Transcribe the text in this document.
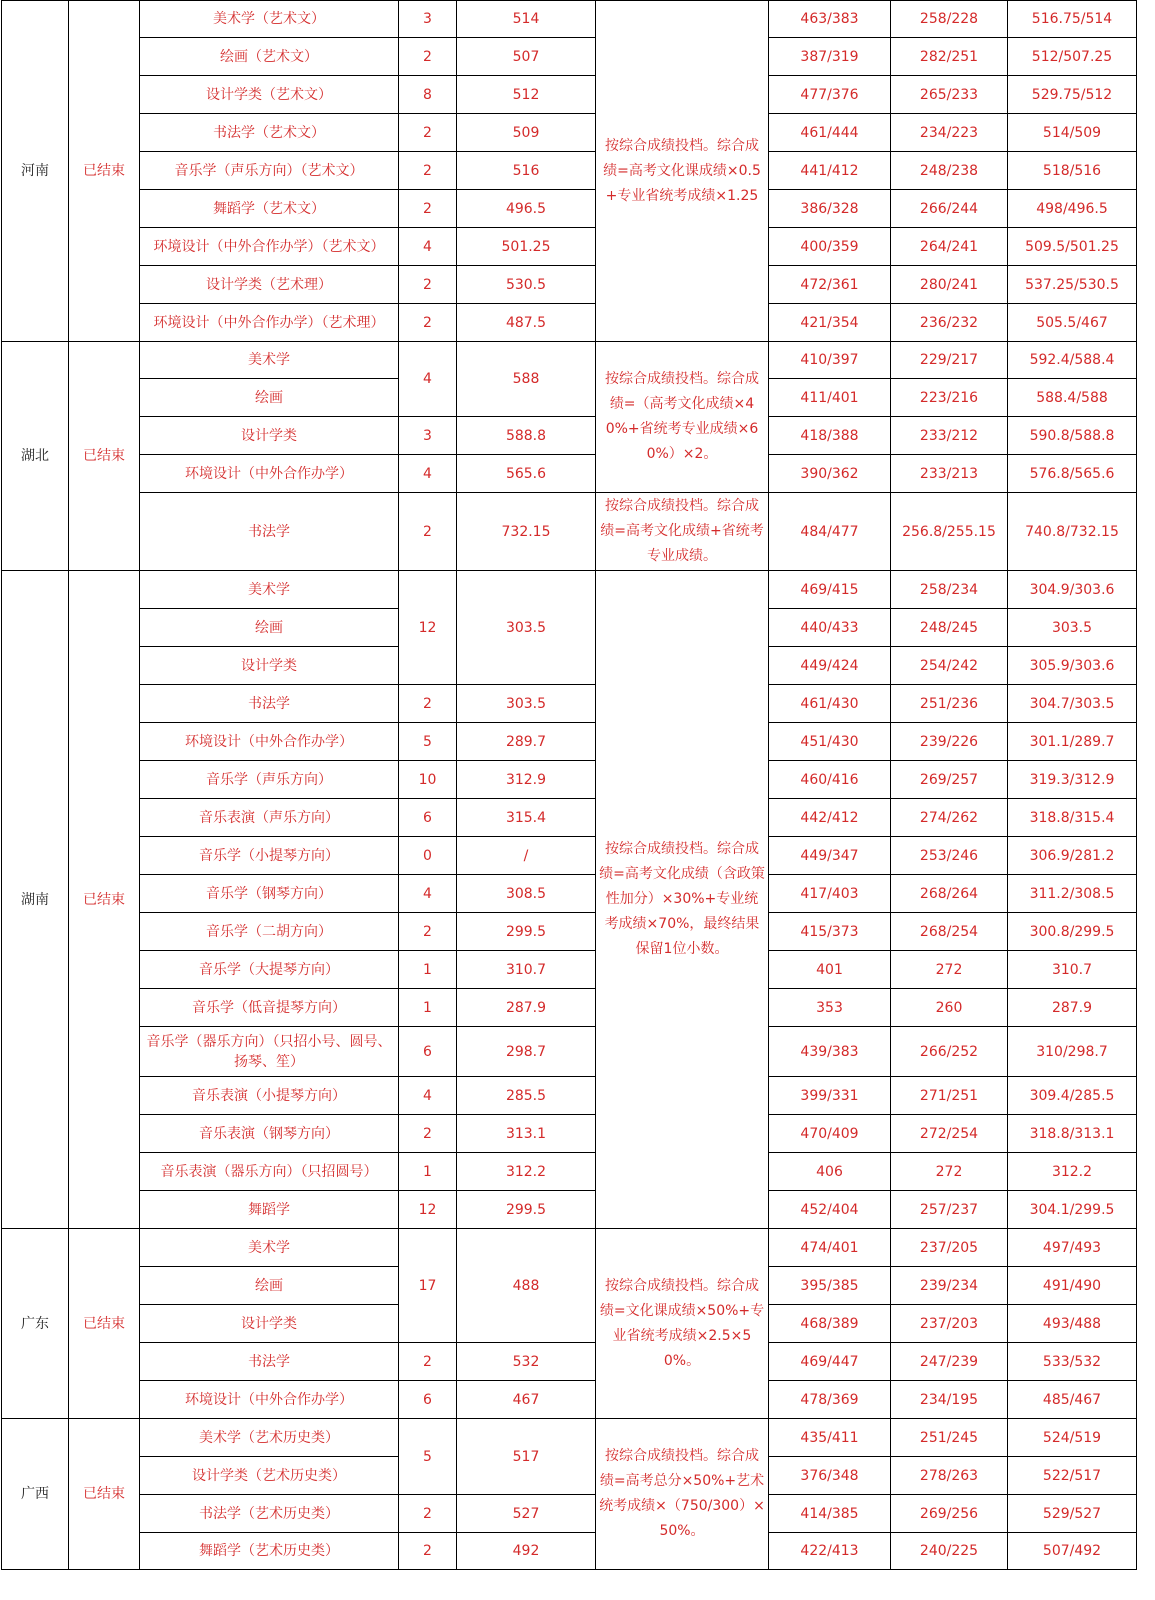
河南	已结束	美术学（艺术文）	3	514	按综合成绩投档。综合成绩=高考文化课成绩×0.5+专业省统考成绩×1.25	463/383	258/228	516.75/514
		绘画（艺术文）	2	507		387/319	282/251	512/507.25
		设计学类（艺术文）	8	512		477/376	265/233	529.75/512
		书法学（艺术文）	2	509		461/444	234/223	514/509
		音乐学（声乐方向）（艺术文）	2	516		441/412	248/238	518/516
		舞蹈学（艺术文）	2	496.5		386/328	266/244	498/496.5
		环境设计（中外合作办学）（艺术文）	4	501.25		400/359	264/241	509.5/501.25
		设计学类（艺术理）	2	530.5		472/361	280/241	537.25/530.5
		环境设计（中外合作办学）（艺术理）	2	487.5		421/354	236/232	505.5/467
湖北	已结束	美术学	4	588	按综合成绩投档。综合成绩=（高考文化成绩×40%+省统考专业成绩×60%）×2。	410/397	229/217	592.4/588.4
		绘画				411/401	223/216	588.4/588
		设计学类	3	588.8		418/388	233/212	590.8/588.8
		环境设计（中外合作办学）	4	565.6		390/362	233/213	576.8/565.6
		书法学	2	732.15	按综合成绩投档。综合成绩=高考文化成绩+省统考专业成绩。	484/477	256.8/255.15	740.8/732.15
湖南	已结束	美术学	12	303.5	按综合成绩投档。综合成绩=高考文化成绩（含政策性加分）×30%+专业统考成绩×70%，最终结果保留1位小数。	469/415	258/234	304.9/303.6
		绘画				440/433	248/245	303.5
		设计学类				449/424	254/242	305.9/303.6
		书法学	2	303.5		461/430	251/236	304.7/303.5
		环境设计（中外合作办学）	5	289.7		451/430	239/226	301.1/289.7
		音乐学（声乐方向）	10	312.9		460/416	269/257	319.3/312.9
		音乐表演（声乐方向）	6	315.4		442/412	274/262	318.8/315.4
		音乐学（小提琴方向）	0	/		449/347	253/246	306.9/281.2
		音乐学（钢琴方向）	4	308.5		417/403	268/264	311.2/308.5
		音乐学（二胡方向）	2	299.5		415/373	268/254	300.8/299.5
		音乐学（大提琴方向）	1	310.7		401	272	310.7
		音乐学（低音提琴方向）	1	287.9		353	260	287.9
		音乐学（器乐方向）（只招小号、圆号、扬琴、笙）	6	298.7		439/383	266/252	310/298.7
		音乐表演（小提琴方向）	4	285.5		399/331	271/251	309.4/285.5
		音乐表演（钢琴方向）	2	313.1		470/409	272/254	318.8/313.1
		音乐表演（器乐方向）（只招圆号）	1	312.2		406	272	312.2
		舞蹈学	12	299.5		452/404	257/237	304.1/299.5
广东	已结束	美术学	17	488	按综合成绩投档。综合成绩=文化课成绩×50%+专业省统考成绩×2.5×50%。	474/401	237/205	497/493
		绘画				395/385	239/234	491/490
		设计学类				468/389	237/203	493/488
		书法学	2	532		469/447	247/239	533/532
		环境设计（中外合作办学）	6	467		478/369	234/195	485/467
广西	已结束	美术学（艺术历史类）	5	517	按综合成绩投档。综合成绩=高考总分×50%+艺术统考成绩×（750/300）×50%。	435/411	251/245	524/519
		设计学类（艺术历史类）				376/348	278/263	522/517
		书法学（艺术历史类）	2	527		414/385	269/256	529/527
		舞蹈学（艺术历史类）	2	492		422/413	240/225	507/492
